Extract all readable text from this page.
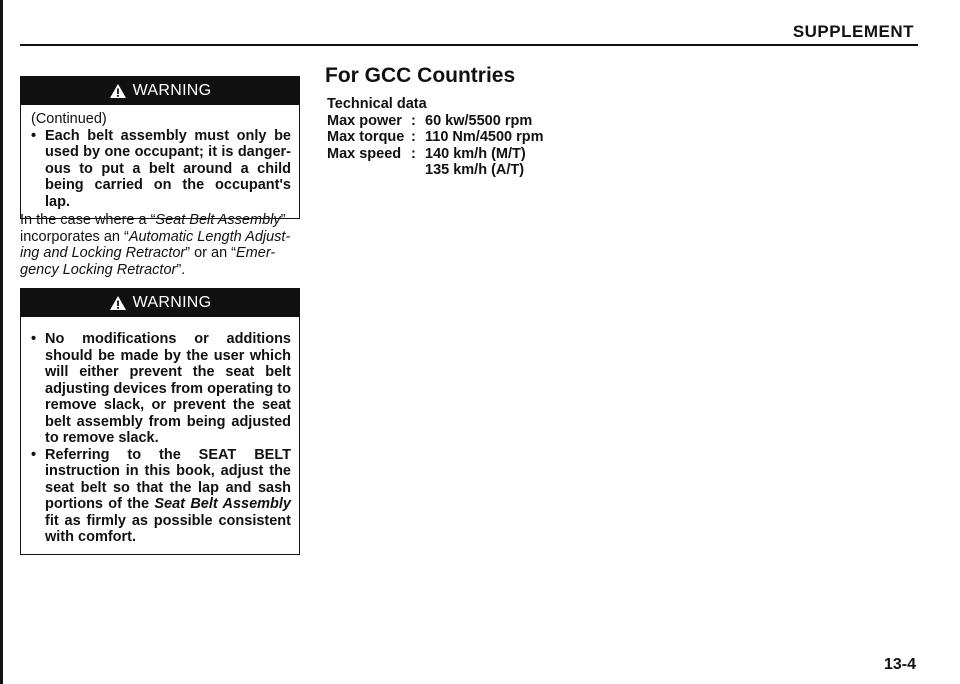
SUPPLEMENT
WARNING
(Continued)
• Each belt assembly must only be used by one occupant; it is danger-ous to put a belt around a child being carried on the occupant's lap.
In the case where a “Seat Belt Assembly” incorporates an “Automatic Length Adjust-ing and Locking Retractor” or an “Emer-gency Locking Retractor”.
WARNING
• No modifications or additions should be made by the user which will either prevent the seat belt adjusting devices from operating to remove slack, or prevent the seat belt assembly from being adjusted to remove slack.
• Referring to the SEAT BELT instruction in this book, adjust the seat belt so that the lap and sash portions of the Seat Belt Assembly fit as firmly as possible consistent with comfort.
For GCC Countries
Technical data
Max power	:	60 kw/5500 rpm
Max torque	:	110 Nm/4500 rpm
Max speed	:	140 km/h (M/T)
		135 km/h (A/T)
13-4
